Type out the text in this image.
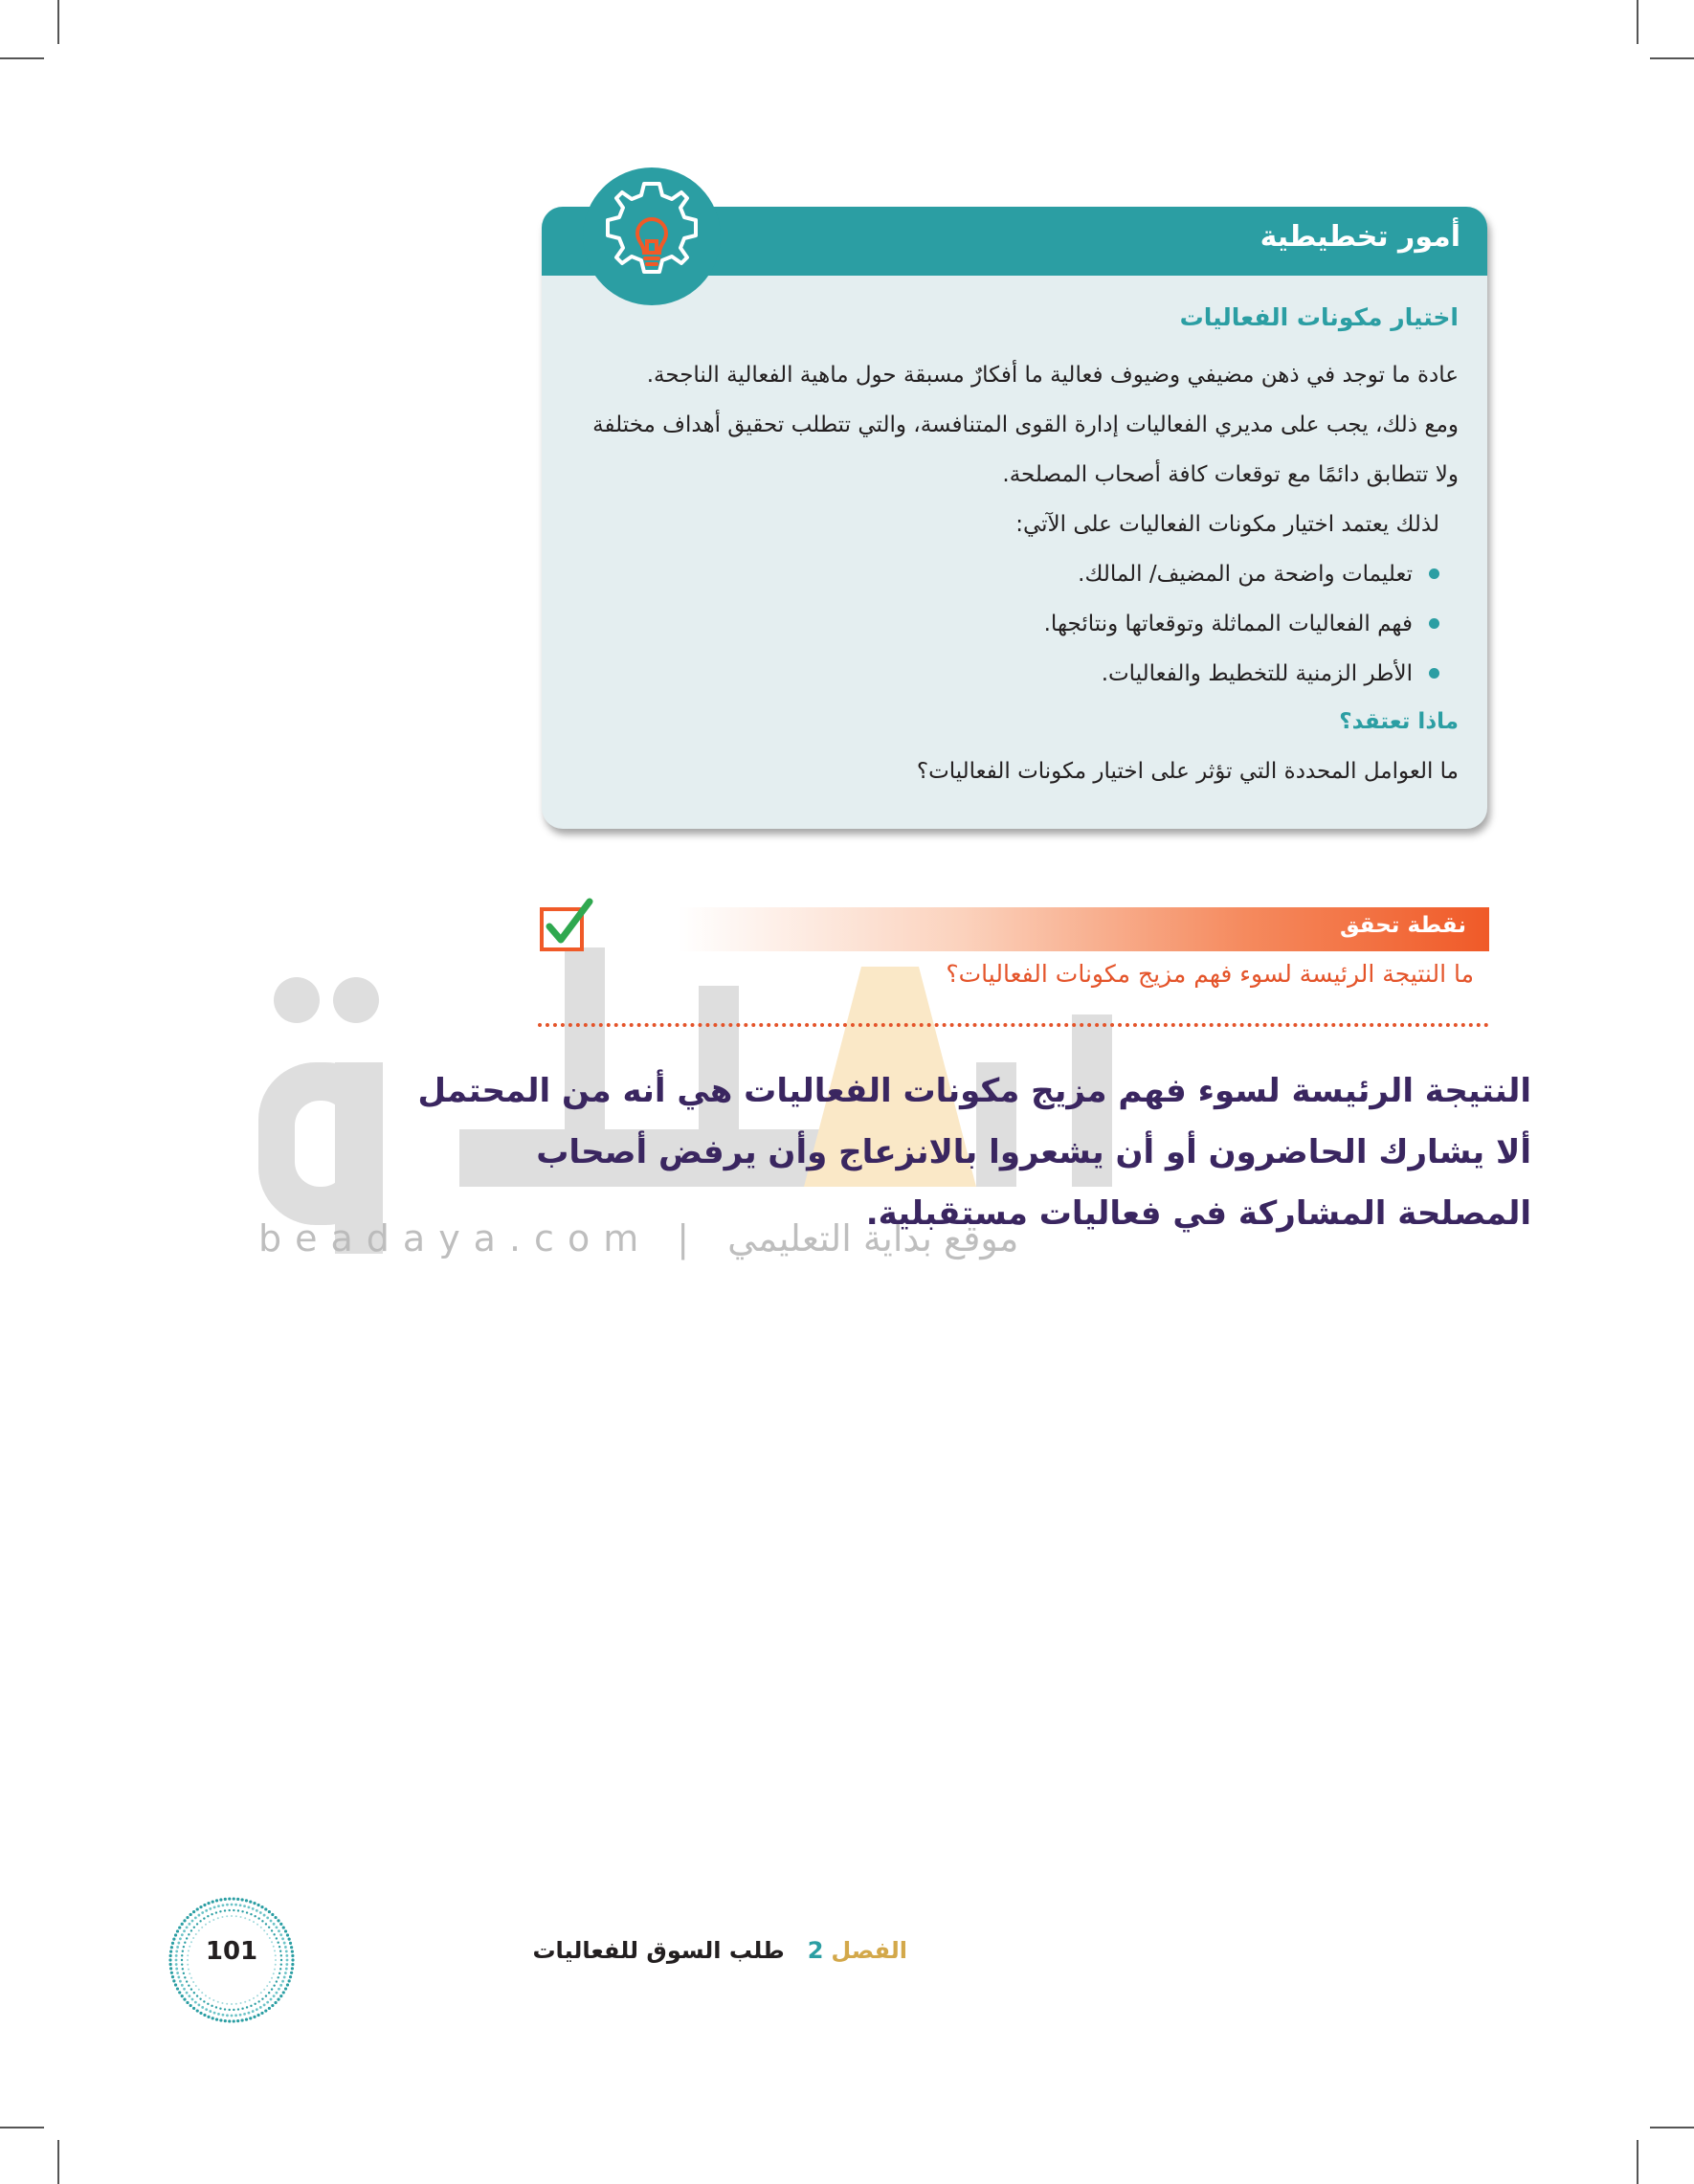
beadaya.com | موقع بداية التعليمي
أمور تخطيطية
اختيار مكونات الفعاليات

عادة ما توجد في ذهن مضيفي وضيوف فعالية ما أفكارٌ مسبقة حول ماهية الفعالية الناجحة.

ومع ذلك، يجب على مديري الفعاليات إدارة القوى المتنافسة، والتي تتطلب تحقيق أهداف مختلفة ولا تتطابق دائمًا مع توقعات كافة أصحاب المصلحة.

لذلك يعتمد اختيار مكونات الفعاليات على الآتي:

تعليمات واضحة من المضيف/ المالك.
فهم الفعاليات المماثلة وتوقعاتها ونتائجها.
الأطر الزمنية للتخطيط والفعاليات.
ماذا تعتقد؟

ما العوامل المحددة التي تؤثر على اختيار مكونات الفعاليات؟

نقطة تحقق
ما النتيجة الرئيسة لسوء فهم مزيج مكونات الفعاليات؟
النتيجة الرئيسة لسوء فهم مزيج مكونات الفعاليات هي أنه من المحتمل ألا يشارك الحاضرون أو أن يشعروا بالانزعاج وأن يرفض أصحاب المصلحة المشاركة في فعاليات مستقبلية.
101	الفصل2طلب السوق للفعاليات
